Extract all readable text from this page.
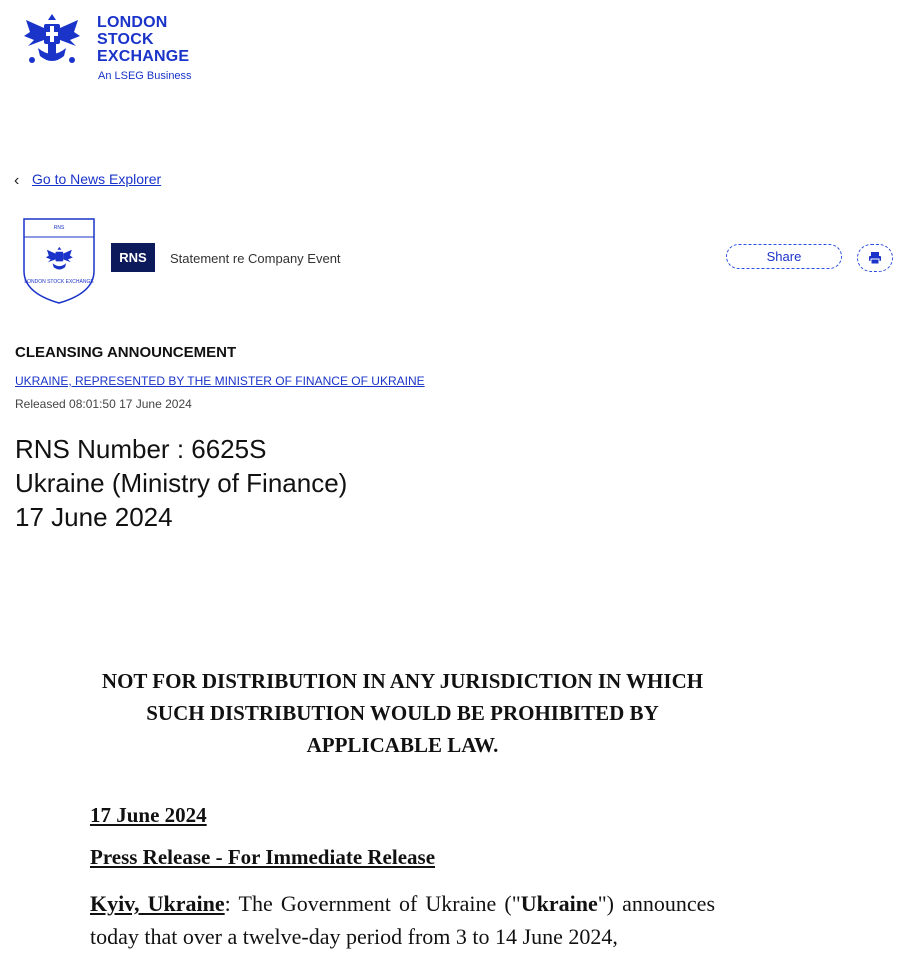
LONDON
STOCK
EXCHANGE
An LSEG Business
‹ Go to News Explorer
RNS
LONDON STOCK EXCHANGE
RNS	Statement re Company Event	Share
CLEANSING ANNOUNCEMENT
UKRAINE, REPRESENTED BY THE MINISTER OF FINANCE OF UKRAINE
Released 08:01:50 17 June 2024
RNS Number : 6625S
Ukraine (Ministry of Finance)
17 June 2024
NOT FOR DISTRIBUTION IN ANY JURISDICTION IN WHICH SUCH DISTRIBUTION WOULD BE PROHIBITED BY APPLICABLE LAW.
17 June 2024
Press Release - For Immediate Release
Kyiv, Ukraine: The Government of Ukraine ("Ukraine") announces today that over a twelve-day period from 3 to 14 June 2024,
